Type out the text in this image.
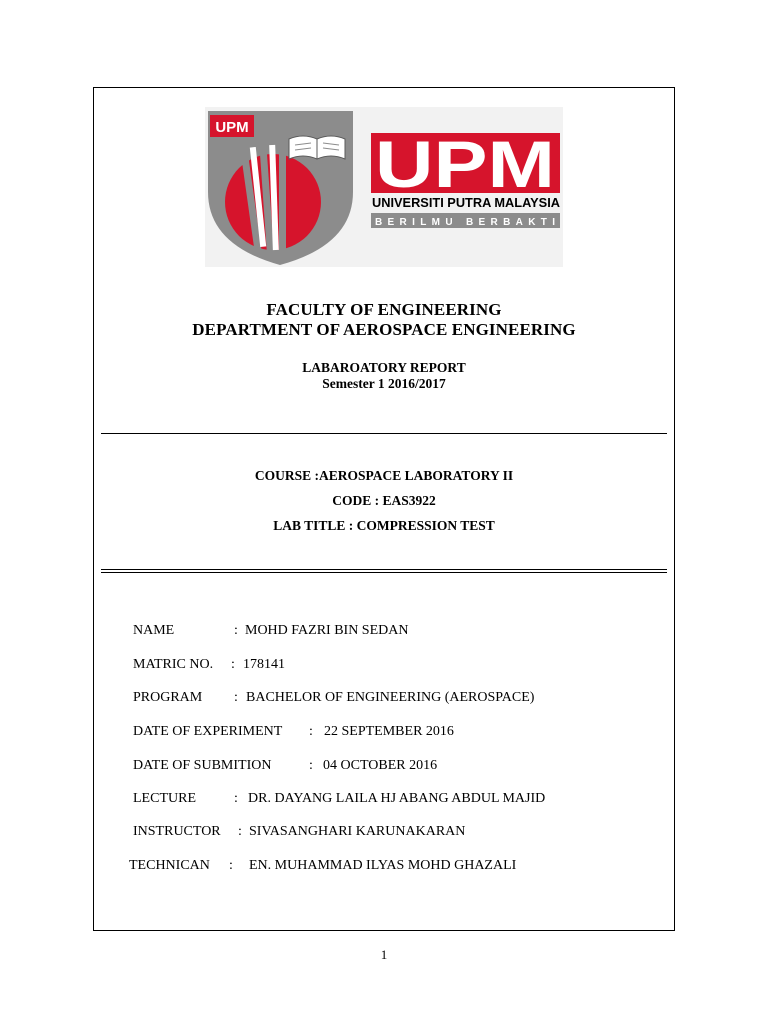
UPM UPM
UNIVERSITI PUTRA MALAYSIA
BERILMU BERBAKTI
FACULTY OF ENGINEERING
DEPARTMENT OF AEROSPACE ENGINEERING
LABAROATORY REPORT
Semester 1 2016/2017
COURSE :AEROSPACE LABORATORY II
CODE : EAS3922
LAB TITLE : COMPRESSION TEST
NAME	: MOHD FAZRI BIN SEDAN
MATRIC NO. : 178141
PROGRAM : BACHELOR OF ENGINEERING (AEROSPACE)
DATE OF EXPERIMENT : 22 SEPTEMBER 2016
DATE OF SUBMITION	: 04 OCTOBER 2016
LECTURE	: DR. DAYANG LAILA HJ ABANG ABDUL MAJID
INSTRUCTOR : SIVASANGHARI KARUNAKARAN
TECHNICAN : EN. MUHAMMAD ILYAS MOHD GHAZALI
1
